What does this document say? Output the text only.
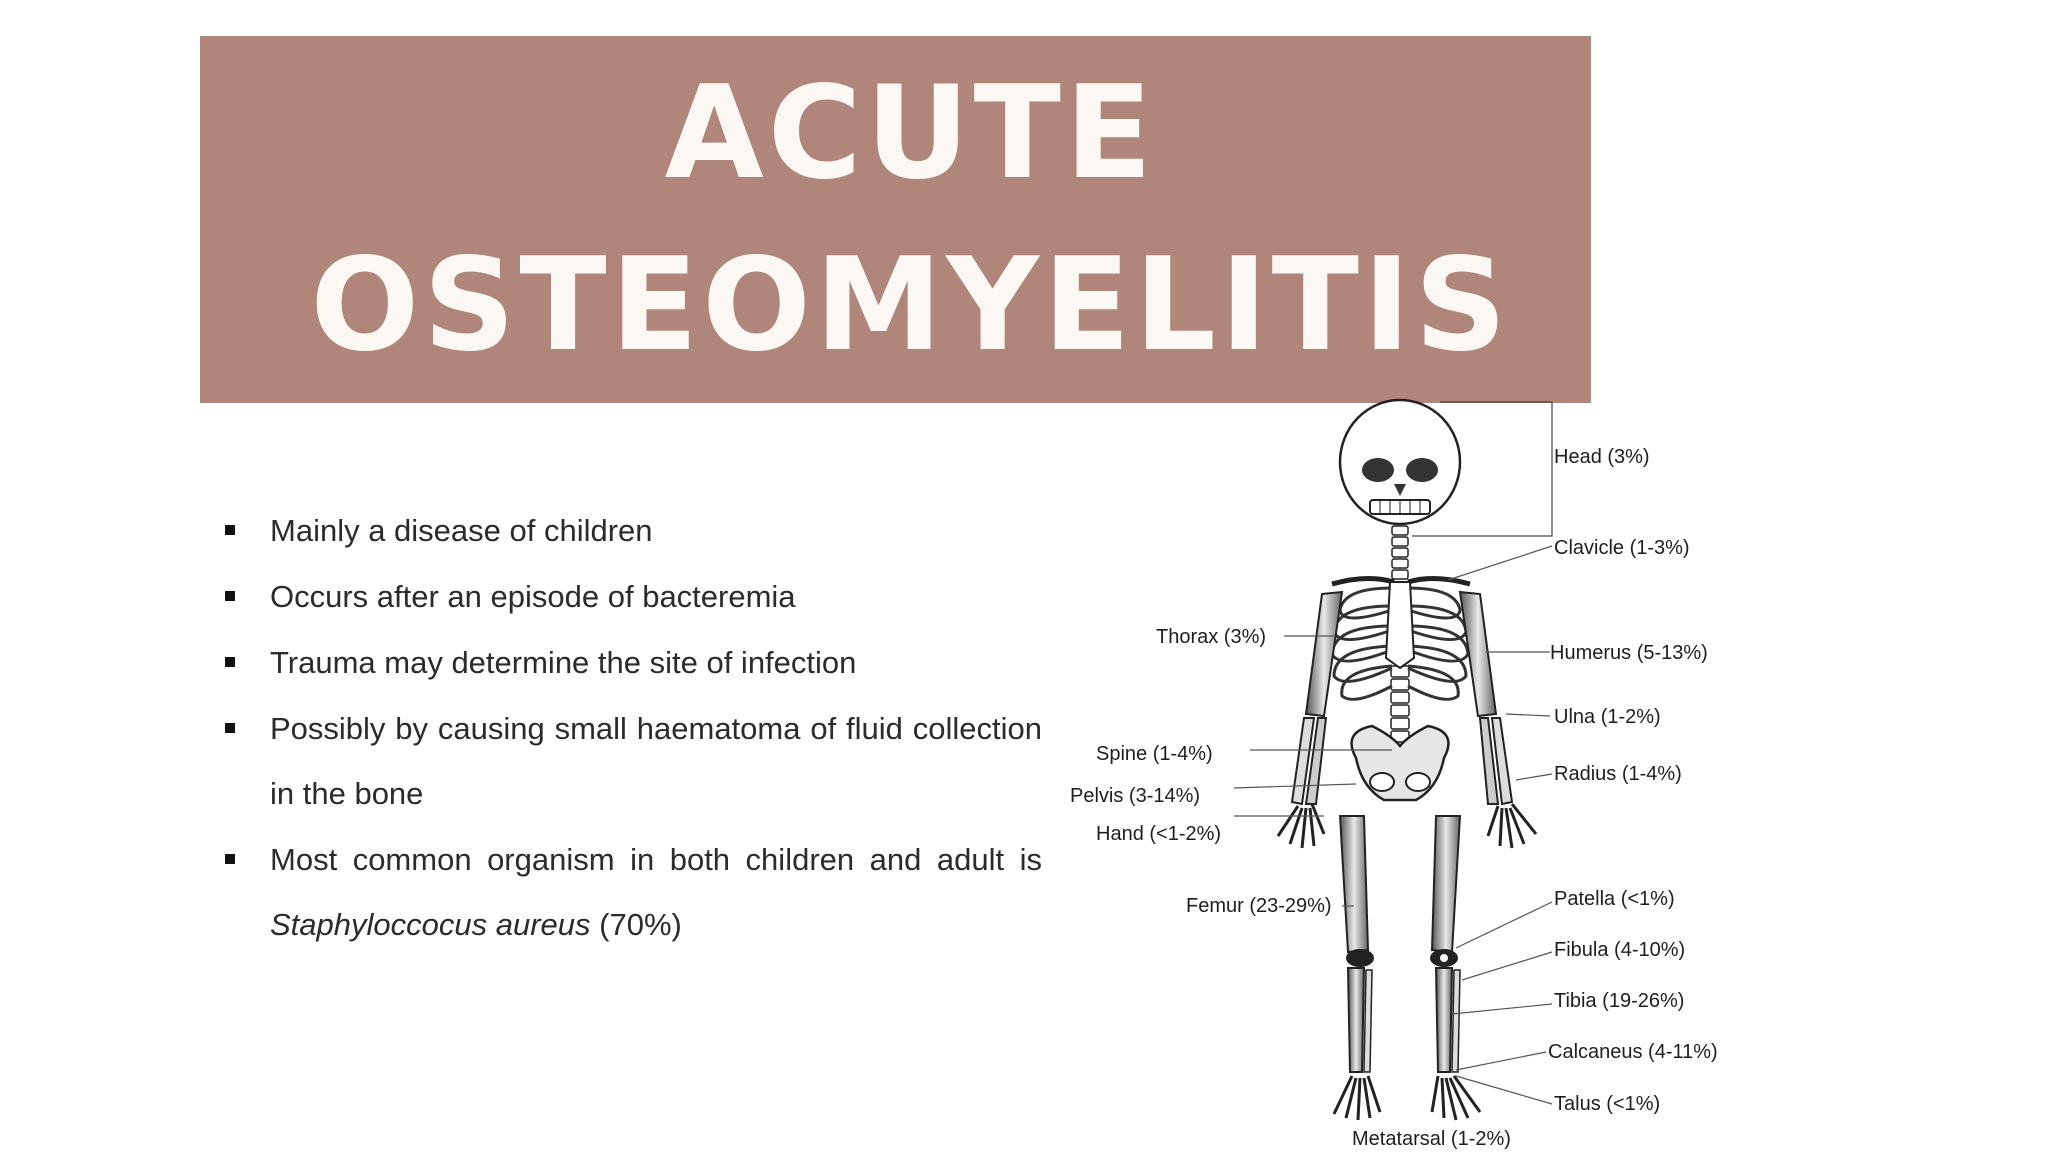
ACUTE
OSTEOMYELITIS
Mainly a disease of children
Occurs after an episode of bacteremia
Trauma may determine the site of infection
Possibly by causing small haematoma of fluid collection in the bone
Most common organism in both children and adult is Staphyloccocus aureus (70%)
Head (3%)
Clavicle (1-3%)
Thorax (3%)
Humerus (5-13%)
Ulna (1-2%)
Spine (1-4%)
Radius (1-4%)
Pelvis (3-14%)
Hand (<1-2%)
Patella (<1%)
Femur (23-29%)
Fibula (4-10%)
Tibia (19-26%)
Calcaneus (4-11%)
Talus (<1%)
Metatarsal (1-2%)
